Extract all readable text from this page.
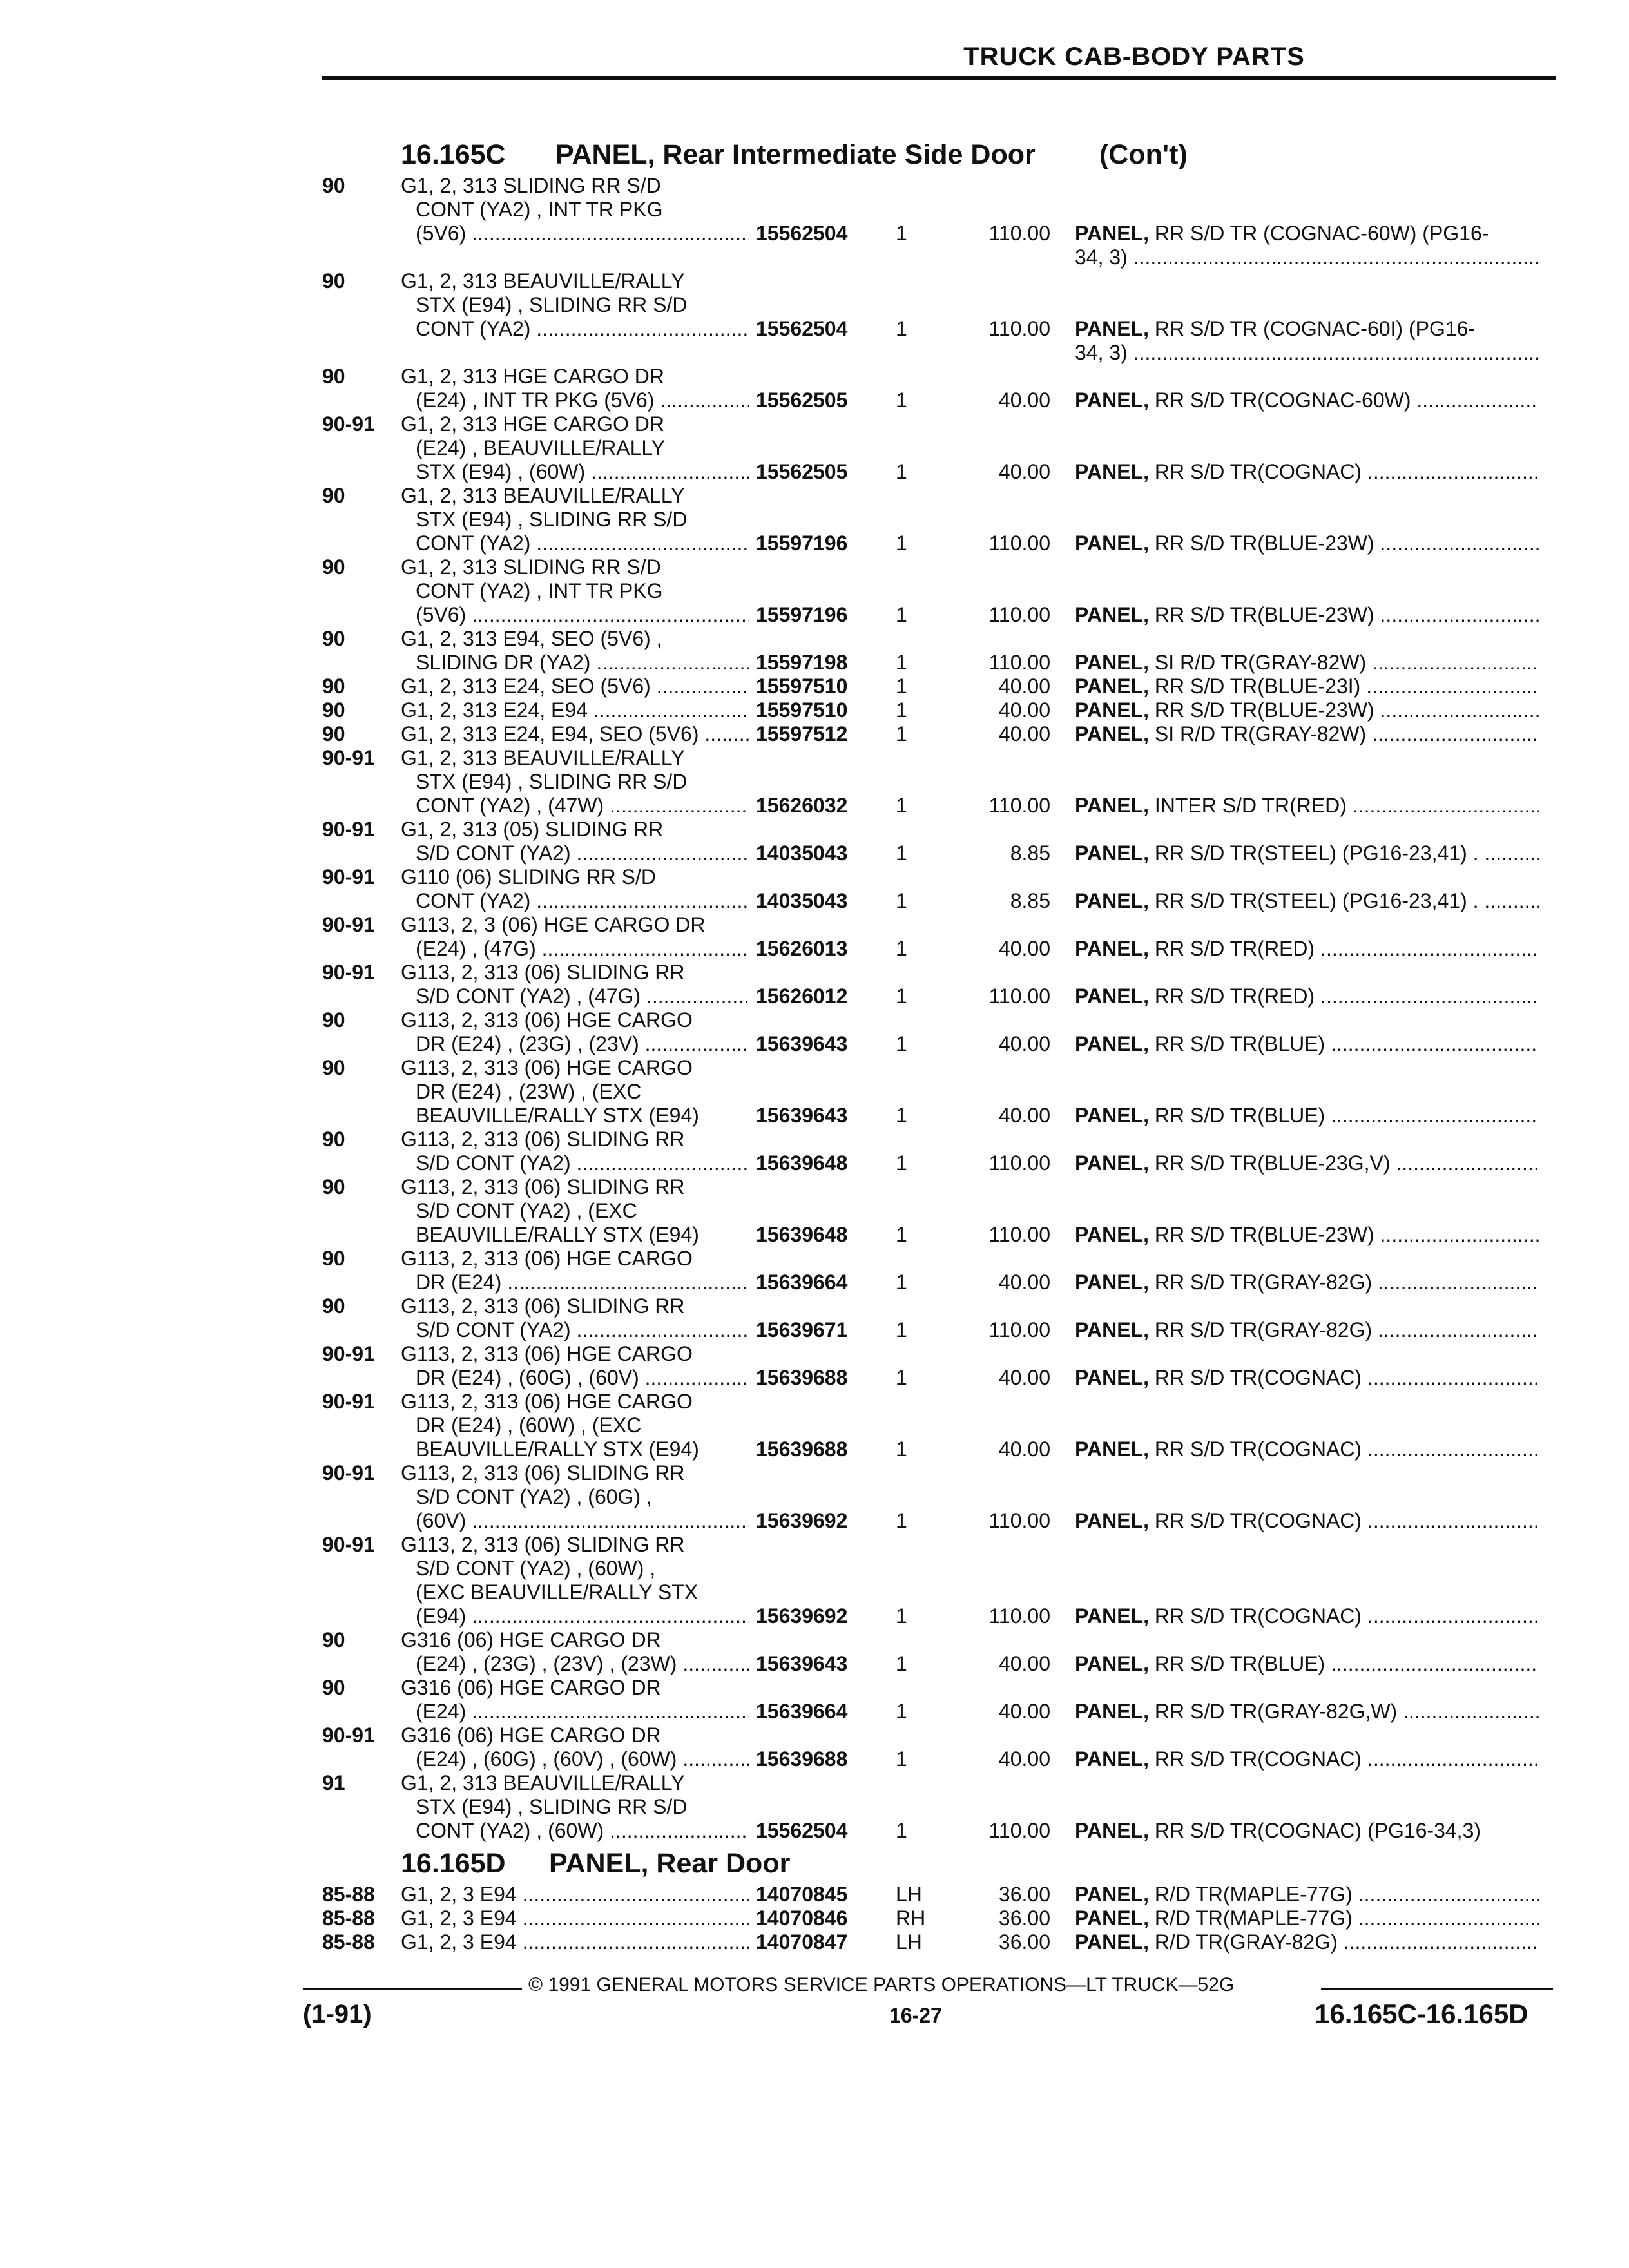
TRUCK CAB-BODY PARTS
16.165C PANEL, Rear Intermediate Side Door (Con't)
90	G1, 2, 313 SLIDING RR S/D
CONT (YA2) , INT TR PKG
(5V6) .....	15562504 1	110.00 PANEL, RR S/D TR (COGNAC-60W) (PG16-
34, 3) .....
90	G1, 2, 313 BEAUVILLE/RALLY
STX (E94) , SLIDING RR S/D
CONT (YA2) .....	15562504 1	110.00 PANEL, RR S/D TR (COGNAC-60I) (PG16-
34, 3) .....
90	G1, 2, 313 HGE CARGO DR
(E24) , INT TR PKG (5V6) .....	15562505 1	40.00 PANEL, RR S/D TR(COGNAC-60W) .....
90-91 G1, 2, 313 HGE CARGO DR
(E24) , BEAUVILLE/RALLY
STX (E94) , (60W) .....	15562505 1	40.00 PANEL, RR S/D TR(COGNAC) .....
90	G1, 2, 313 BEAUVILLE/RALLY
STX (E94) , SLIDING RR S/D
CONT (YA2) .....	15597196 1	110.00 PANEL, RR S/D TR(BLUE-23W) .....
90	G1, 2, 313 SLIDING RR S/D
CONT (YA2) , INT TR PKG
(5V6) .....	15597196 1	110.00 PANEL, RR S/D TR(BLUE-23W) .....
90	G1, 2, 313 E94, SEO (5V6) ,
SLIDING DR (YA2) .....	15597198 1	110.00 PANEL, SI R/D TR(GRAY-82W) .....
90	G1, 2, 313 E24, SEO (5V6) .....	15597510 1	40.00 PANEL, RR S/D TR(BLUE-23I) .....
90	G1, 2, 313 E24, E94 .....	15597510 1	40.00 PANEL, RR S/D TR(BLUE-23W) .....
90	G1, 2, 313 E24, E94, SEO (5V6) .....	15597512 1	40.00 PANEL, SI R/D TR(GRAY-82W) .....
90-91 G1, 2, 313 BEAUVILLE/RALLY
STX (E94) , SLIDING RR S/D
CONT (YA2) , (47W) .....	15626032 1	110.00 PANEL, INTER S/D TR(RED) .....
90-91 G1, 2, 313 (05) SLIDING RR
S/D CONT (YA2) .....	14035043 1	8.85 PANEL, RR S/D TR(STEEL) (PG16-23,41) . .....
90-91 G110 (06) SLIDING RR S/D
CONT (YA2) .....	14035043 1	8.85 PANEL, RR S/D TR(STEEL) (PG16-23,41) . .....
90-91 G113, 2, 3 (06) HGE CARGO DR
(E24) , (47G) .....	15626013 1	40.00 PANEL, RR S/D TR(RED) .....
90-91 G113, 2, 313 (06) SLIDING RR
S/D CONT (YA2) , (47G) .....	15626012 1	110.00 PANEL, RR S/D TR(RED) .....
90	G113, 2, 313 (06) HGE CARGO
DR (E24) , (23G) , (23V) .....	15639643 1	40.00 PANEL, RR S/D TR(BLUE) .....
90	G113, 2, 313 (06) HGE CARGO
DR (E24) , (23W) , (EXC
BEAUVILLE/RALLY STX (E94)	15639643 1	40.00 PANEL, RR S/D TR(BLUE) .....
90	G113, 2, 313 (06) SLIDING RR
S/D CONT (YA2) .....	15639648 1	110.00 PANEL, RR S/D TR(BLUE-23G,V) .....
90	G113, 2, 313 (06) SLIDING RR
S/D CONT (YA2) , (EXC
BEAUVILLE/RALLY STX (E94)	15639648 1	110.00 PANEL, RR S/D TR(BLUE-23W) .....
90	G113, 2, 313 (06) HGE CARGO
DR (E24) .....	15639664 1	40.00 PANEL, RR S/D TR(GRAY-82G) .....
90	G113, 2, 313 (06) SLIDING RR
S/D CONT (YA2) .....	15639671 1	110.00 PANEL, RR S/D TR(GRAY-82G) .....
90-91 G113, 2, 313 (06) HGE CARGO
DR (E24) , (60G) , (60V) .....	15639688 1	40.00 PANEL, RR S/D TR(COGNAC) .....
90-91 G113, 2, 313 (06) HGE CARGO
DR (E24) , (60W) , (EXC
BEAUVILLE/RALLY STX (E94)	15639688 1	40.00 PANEL, RR S/D TR(COGNAC) .....
90-91 G113, 2, 313 (06) SLIDING RR
S/D CONT (YA2) , (60G) ,
(60V) .....	15639692 1	110.00 PANEL, RR S/D TR(COGNAC) .....
90-91 G113, 2, 313 (06) SLIDING RR
S/D CONT (YA2) , (60W) ,
(EXC BEAUVILLE/RALLY STX
(E94) .....	15639692 1	110.00 PANEL, RR S/D TR(COGNAC) .....
90	G316 (06) HGE CARGO DR
(E24) , (23G) , (23V) , (23W) .....	15639643 1	40.00 PANEL, RR S/D TR(BLUE) .....
90	G316 (06) HGE CARGO DR
(E24) .....	15639664 1	40.00 PANEL, RR S/D TR(GRAY-82G,W) .....
90-91 G316 (06) HGE CARGO DR
(E24) , (60G) , (60V) , (60W) .....	15639688 1	40.00 PANEL, RR S/D TR(COGNAC) .....
91	G1, 2, 313 BEAUVILLE/RALLY
STX (E94) , SLIDING RR S/D
CONT (YA2) , (60W) .....	15562504 1	110.00 PANEL, RR S/D TR(COGNAC) (PG16-34,3)
16.165D PANEL, Rear Door
85-88 G1, 2, 3 E94 .....	14070845 LH	36.00 PANEL, R/D TR(MAPLE-77G) .....
85-88 G1, 2, 3 E94 .....	14070846 RH	36.00 PANEL, R/D TR(MAPLE-77G) .....
85-88 G1, 2, 3 E94 .....	14070847 LH	36.00 PANEL, R/D TR(GRAY-82G) .....
© 1991 GENERAL MOTORS SERVICE PARTS OPERATIONS—LT TRUCK—52G
(1-91)	16-27	16.165C-16.165D
